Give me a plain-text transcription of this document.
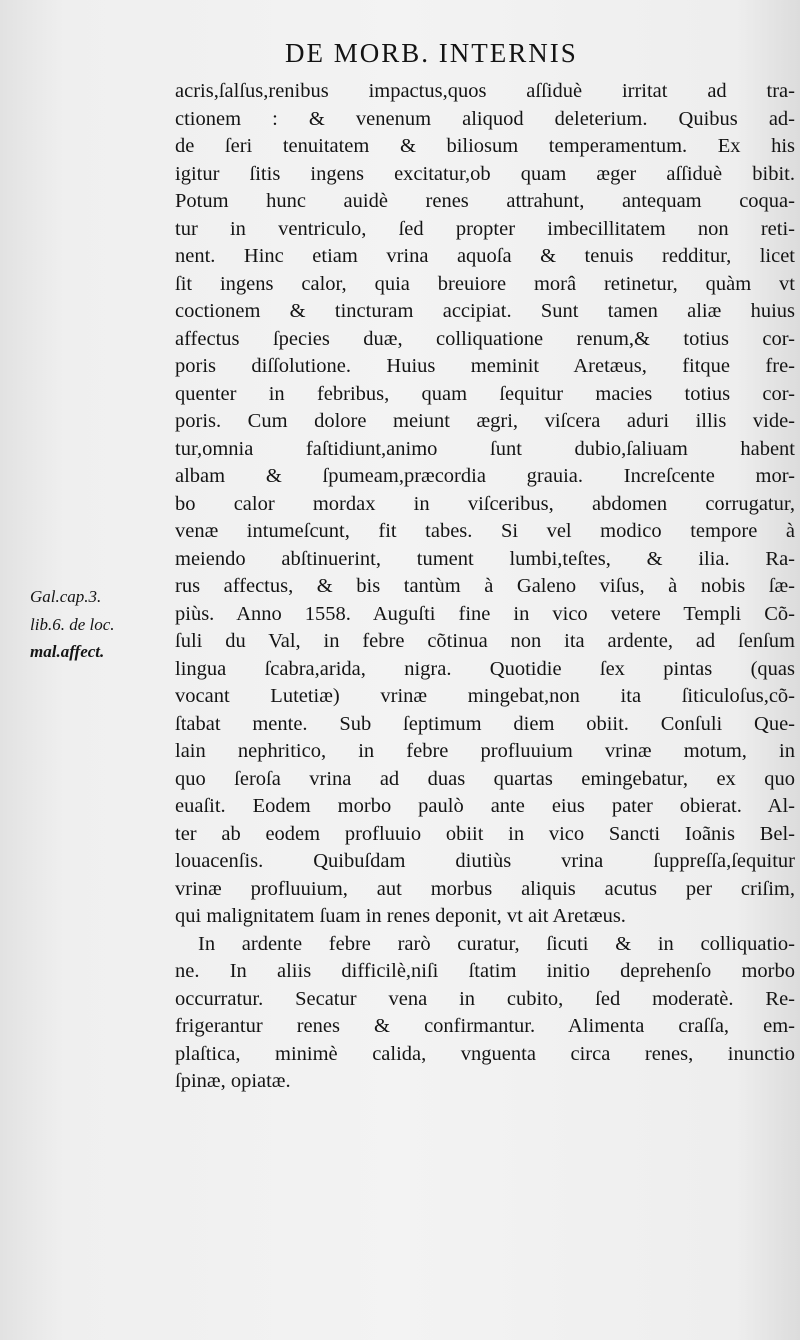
DE MORB. INTERNIS
Gal.cap.3.
lib.6. de loc.
mal.affect.
acris,ſalſus,renibus impactus,quos aſſiduè irritat ad tra-
ctionem : & venenum aliquod deleterium. Quibus ad-
de ſeri tenuitatem & biliosum temperamentum. Ex his
igitur ſitis ingens excitatur,ob quam æger aſſiduè bibit.
Potum hunc auidè renes attrahunt, antequam coqua-
tur in ventriculo, ſed propter imbecillitatem non reti-
nent. Hinc etiam vrina aquoſa & tenuis redditur, licet
ſit ingens calor, quia breuiore morâ retinetur, quàm vt
coctionem & tincturam accipiat. Sunt tamen aliæ huius
affectus ſpecies duæ, colliquatione renum,& totius cor-
poris diſſolutione. Huius meminit Aretæus, fitque fre-
quenter in febribus, quam ſequitur macies totius cor-
poris. Cum dolore meiunt ægri, viſcera aduri illis vide-
tur,omnia faſtidiunt,animo ſunt dubio,ſaliuam habent
albam & ſpumeam,præcordia grauia. Increſcente mor-
bo calor mordax in viſceribus, abdomen corrugatur,
venæ intumeſcunt, fit tabes. Si vel modico tempore à
meiendo abſtinuerint, tument lumbi,teſtes, & ilia. Ra-
rus affectus, & bis tantùm à Galeno viſus, à nobis ſæ-
piùs. Anno 1558. Auguſti fine in vico vetere Templi Cõ-
ſuli du Val, in febre cõtinua non ita ardente, ad ſenſum
lingua ſcabra,arida, nigra. Quotidie ſex pintas (quas
vocant Lutetiæ) vrinæ mingebat,non ita ſiticuloſus,cõ-
ſtabat mente. Sub ſeptimum diem obiit. Conſuli Que-
lain nephritico, in febre profluuium vrinæ motum, in
quo ſeroſa vrina ad duas quartas emingebatur, ex quo
euaſit. Eodem morbo paulò ante eius pater obierat. Al-
ter ab eodem profluuio obiit in vico Sancti Ioãnis Bel-
louacenſis. Quibuſdam diutiùs vrina ſuppreſſa,ſequitur
vrinæ profluuium, aut morbus aliquis acutus per criſim,
qui malignitatem ſuam in renes deponit, vt ait Aretæus.
In ardente febre rarò curatur, ſicuti & in colliquatio-
ne. In aliis difficilè,niſi ſtatim initio deprehenſo morbo
occurratur. Secatur vena in cubito, ſed moderatè. Re-
frigerantur renes & confirmantur. Alimenta craſſa, em-
plaſtica, minimè calida, vnguenta circa renes, inunctio
ſpinæ, opiatæ.
